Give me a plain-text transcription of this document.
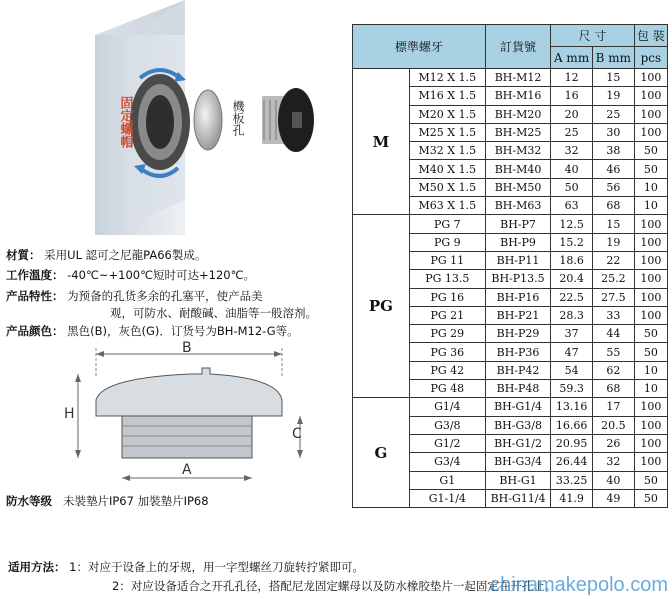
固定螺帽	機板孔
材質： 采用UL 認可之尼龍PA66製成。
工作溫度： -40℃~+100℃短时可达+120℃。
产品特性： 为预备的孔货多余的孔塞平，使产品美
观，可防水、耐酸碱、油脂等一般溶剂。
产品颜色： 黑色(B)，灰色(G)．订货号为BH-M12-G等。
B
H
C
A
防水等级 未裝墊片IP67 加裝墊片IP68
標準螺牙		訂貨號	尺 寸		包 裝
			A mm	B mm	pcs
M	M12 X 1.5	BH-M12	12	15	100
	M16 X 1.5	BH-M16	16	19	100
	M20 X 1.5	BH-M20	20	25	100
	M25 X 1.5	BH-M25	25	30	100
	M32 X 1.5	BH-M32	32	38	50
	M40 X 1.5	BH-M40	40	46	50
	M50 X 1.5	BH-M50	50	56	10
	M63 X 1.5	BH-M63	63	68	10
PG	PG 7	BH-P7	12.5	15	100
	PG 9	BH-P9	15.2	19	100
	PG 11	BH-P11	18.6	22	100
	PG 13.5	BH-P13.5	20.4	25.2	100
	PG 16	BH-P16	22.5	27.5	100
	PG 21	BH-P21	28.3	33	100
	PG 29	BH-P29	37	44	50
	PG 36	BH-P36	47	55	50
	PG 42	BH-P42	54	62	10
	PG 48	BH-P48	59.3	68	10
G	G1/4	BH-G1/4	13.16	17	100
	G3/8	BH-G3/8	16.66	20.5	100
	G1/2	BH-G1/2	20.95	26	100
	G3/4	BH-G3/4	26.44	32	100
	G1	BH-G1	33.25	40	50
	G1-1/4	BH-G11/4	41.9	49	50
适用方法： 1：对应于设备上的牙规，用一字型螺丝刀旋转拧紧即可。
2：对应设备适合之开孔孔径，搭配尼龙固定螺母以及防水橡胶垫片一起固定在开孔上。
chinamakepolo.com
